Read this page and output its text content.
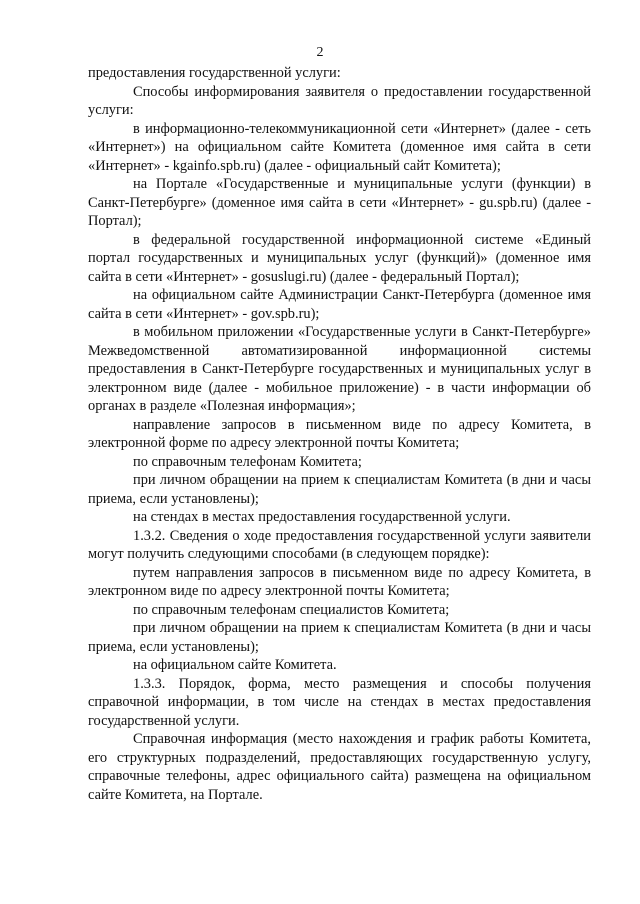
2

предоставления государственной услуги:

Способы информирования заявителя о предоставлении государственной услуги:

в информационно-телекоммуникационной сети «Интернет» (далее - сеть «Интернет») на официальном сайте Комитета (доменное имя сайта в сети «Интернет» - kgainfo.spb.ru) (далее - официальный сайт Комитета);

на Портале «Государственные и муниципальные услуги (функции) в Санкт-Петербурге» (доменное имя сайта в сети «Интернет» - gu.spb.ru) (далее - Портал);

в федеральной государственной информационной системе «Единый портал государственных и муниципальных услуг (функций)» (доменное имя сайта в сети «Интернет» - gosuslugi.ru) (далее - федеральный Портал);

на официальном сайте Администрации Санкт-Петербурга (доменное имя сайта в сети «Интернет» - gov.spb.ru);

в мобильном приложении «Государственные услуги в Санкт-Петербурге» Межведомственной автоматизированной информационной системы предоставления в Санкт-Петербурге государственных и муниципальных услуг в электронном виде (далее - мобильное приложение) - в части информации об органах в разделе «Полезная информация»;

направление запросов в письменном виде по адресу Комитета, в электронной форме по адресу электронной почты Комитета;

по справочным телефонам Комитета;

при личном обращении на прием к специалистам Комитета (в дни и часы приема, если установлены);

на стендах в местах предоставления государственной услуги.

1.3.2. Сведения о ходе предоставления государственной услуги заявители могут получить следующими способами (в следующем порядке):

путем направления запросов в письменном виде по адресу Комитета, в электронном виде по адресу электронной почты Комитета;

по справочным телефонам специалистов Комитета;

при личном обращении на прием к специалистам Комитета (в дни и часы приема, если установлены);

на официальном сайте Комитета.

1.3.3. Порядок, форма, место размещения и способы получения справочной информации, в том числе на стендах в местах предоставления государственной услуги.

Справочная информация (место нахождения и график работы Комитета, его структурных подразделений, предоставляющих государственную услугу, справочные телефоны, адрес официального сайта) размещена на официальном сайте Комитета, на Портале.
